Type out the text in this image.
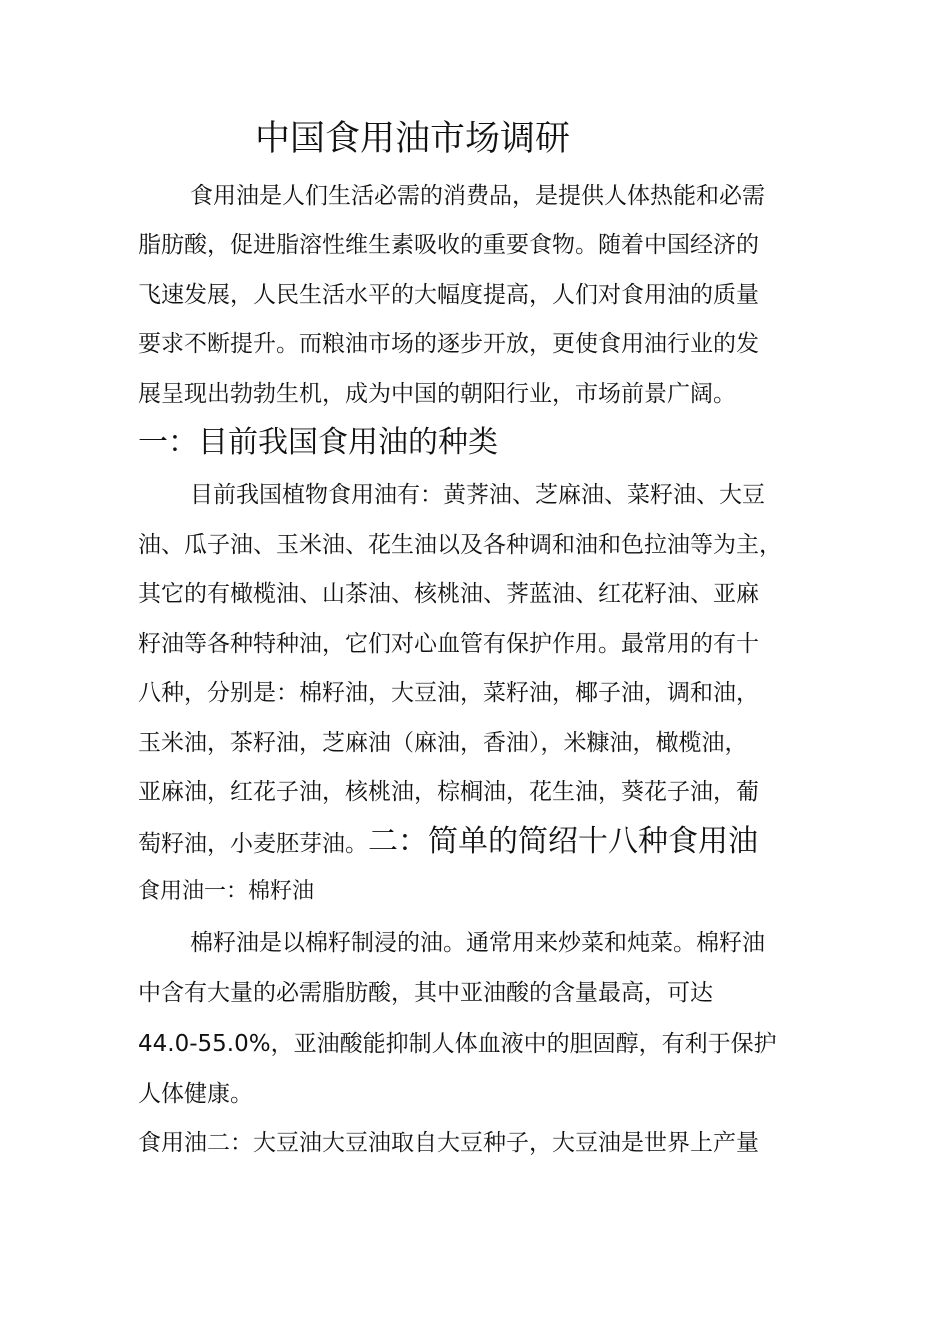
中国食用油市场调研

食用油是人们生活必需的消费品，是提供人体热能和必需

脂肪酸，促进脂溶性维生素吸收的重要食物。随着中国经济的

飞速发展，人民生活水平的大幅度提高，人们对食用油的质量

要求不断提升。而粮油市场的逐步开放，更使食用油行业的发

展呈现出勃勃生机，成为中国的朝阳行业，市场前景广阔。

一：目前我国食用油的种类

目前我国植物食用油有：黄荠油、芝麻油、菜籽油、大豆

油、瓜子油、玉米油、花生油以及各种调和油和色拉油等为主，

其它的有橄榄油、山茶油、核桃油、荠蓝油、红花籽油、亚麻

籽油等各种特种油，它们对心血管有保护作用。最常用的有十

八种，分别是：棉籽油，大豆油，菜籽油，椰子油，调和油，

玉米油，茶籽油，芝麻油（麻油，香油），米糠油，橄榄油，

亚麻油，红花子油，核桃油，棕榈油，花生油，葵花子油，葡

萄籽油，小麦胚芽油。二：简单的简绍十八种食用油

食用油一：棉籽油

棉籽油是以棉籽制浸的油。通常用来炒菜和炖菜。棉籽油

中含有大量的必需脂肪酸，其中亚油酸的含量最高，可达

44.0-55.0%，亚油酸能抑制人体血液中的胆固醇，有利于保护

人体健康。

食用油二：大豆油大豆油取自大豆种子，大豆油是世界上产量
